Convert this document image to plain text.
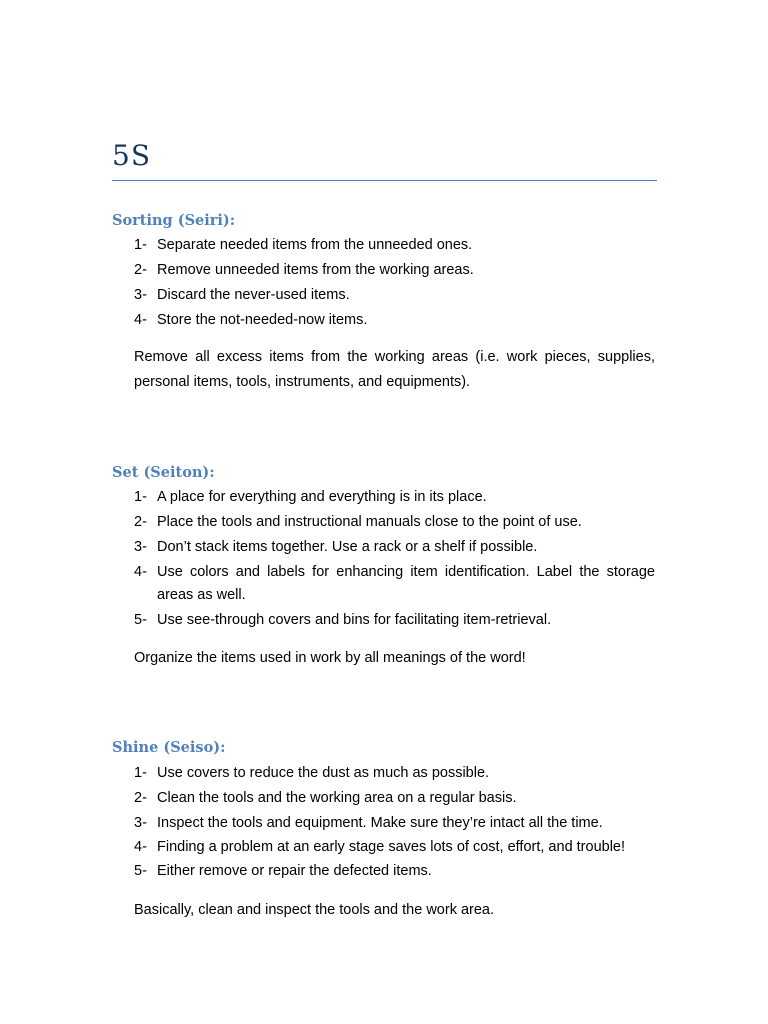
5S
Sorting (Seiri):
1- Separate needed items from the unneeded ones.
2- Remove unneeded items from the working areas.
3- Discard the never-used items.
4- Store the not-needed-now items.
Remove all excess items from the working areas (i.e. work pieces, supplies, personal items, tools, instruments, and equipments).
Set (Seiton):
1- A place for everything and everything is in its place.
2- Place the tools and instructional manuals close to the point of use.
3- Don’t stack items together. Use a rack or a shelf if possible.
4- Use colors and labels for enhancing item identification. Label the storage areas as well.
5- Use see-through covers and bins for facilitating item-retrieval.
Organize the items used in work by all meanings of the word!
Shine (Seiso):
1- Use covers to reduce the dust as much as possible.
2- Clean the tools and the working area on a regular basis.
3- Inspect the tools and equipment. Make sure they’re intact all the time.
4- Finding a problem at an early stage saves lots of cost, effort, and trouble!
5- Either remove or repair the defected items.
Basically, clean and inspect the tools and the work area.
